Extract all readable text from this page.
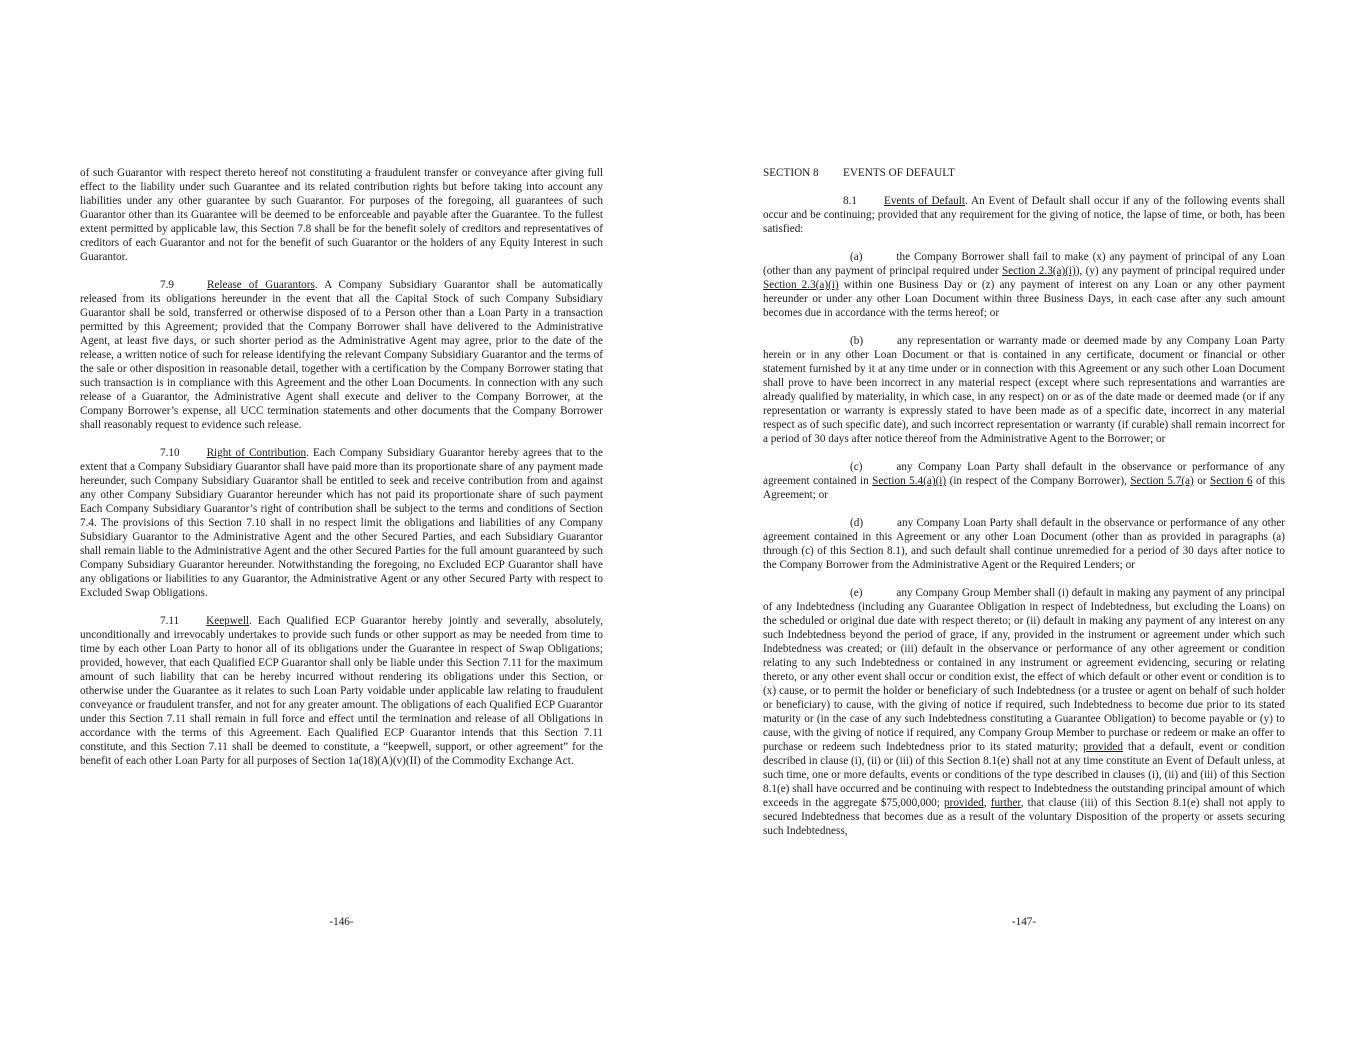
of such Guarantor with respect thereto hereof not constituting a fraudulent transfer or conveyance after giving full effect to the liability under such Guarantee and its related contribution rights but before taking into account any liabilities under any other guarantee by such Guarantor. For purposes of the foregoing, all guarantees of such Guarantor other than its Guarantee will be deemed to be enforceable and payable after the Guarantee. To the fullest extent permitted by applicable law, this Section 7.8 shall be for the benefit solely of creditors and representatives of creditors of each Guarantor and not for the benefit of such Guarantor or the holders of any Equity Interest in such Guarantor.

7.9	Release of Guarantors. A Company Subsidiary Guarantor shall be automatically released from its obligations hereunder in the event that all the Capital Stock of such Company Subsidiary Guarantor shall be sold, transferred or otherwise disposed of to a Person other than a Loan Party in a transaction permitted by this Agreement; provided that the Company Borrower shall have delivered to the Administrative Agent, at least five days, or such shorter period as the Administrative Agent may agree, prior to the date of the release, a written notice of such for release identifying the relevant Company Subsidiary Guarantor and the terms of the sale or other disposition in reasonable detail, together with a certification by the Company Borrower stating that such transaction is in compliance with this Agreement and the other Loan Documents. In connection with any such release of a Guarantor, the Administrative Agent shall execute and deliver to the Company Borrower, at the Company Borrower’s expense, all UCC termination statements and other documents that the Company Borrower shall reasonably request to evidence such release.

7.10 Right of Contribution. Each Company Subsidiary Guarantor hereby agrees that to the extent that a Company Subsidiary Guarantor shall have paid more than its proportionate share of any payment made hereunder, such Company Subsidiary Guarantor shall be entitled to seek and receive contribution from and against any other Company Subsidiary Guarantor hereunder which has not paid its proportionate share of such payment Each Company Subsidiary Guarantor’s right of contribution shall be subject to the terms and conditions of Section 7.4. The provisions of this Section 7.10 shall in no respect limit the obligations and liabilities of any Company Subsidiary Guarantor to the Administrative Agent and the other Secured Parties, and each Subsidiary Guarantor shall remain liable to the Administrative Agent and the other Secured Parties for the full amount guaranteed by such Company Subsidiary Guarantor hereunder. Notwithstanding the foregoing, no Excluded ECP Guarantor shall have any obligations or liabilities to any Guarantor, the Administrative Agent or any other Secured Party with respect to Excluded Swap Obligations.

7.11 Keepwell. Each Qualified ECP Guarantor hereby jointly and severally, absolutely, unconditionally and irrevocably undertakes to provide such funds or other support as may be needed from time to time by each other Loan Party to honor all of its obligations under the Guarantee in respect of Swap Obligations; provided, however, that each Qualified ECP Guarantor shall only be liable under this Section 7.11 for the maximum amount of such liability that can be hereby incurred without rendering its obligations under this Section, or otherwise under the Guarantee as it relates to such Loan Party voidable under applicable law relating to fraudulent conveyance or fraudulent transfer, and not for any greater amount. The obligations of each Qualified ECP Guarantor under this Section 7.11 shall remain in full force and effect until the termination and release of all Obligations in accordance with the terms of this Agreement. Each Qualified ECP Guarantor intends that this Section 7.11 constitute, and this Section 7.11 shall be deemed to constitute, a “keepwell, support, or other agreement” for the benefit of each other Loan Party for all purposes of Section 1a(18)(A)(v)(II) of the Commodity Exchange Act.

-146-

SECTION 8 EVENTS OF DEFAULT

8.1 Events of Default. An Event of Default shall occur if any of the following events shall occur and be continuing; provided that any requirement for the giving of notice, the lapse of time, or both, has been satisfied:

(a)	the Company Borrower shall fail to make (x) any payment of principal of any Loan (other than any payment of principal required under Section 2.3(a)(i)), (y) any payment of principal required under Section 2.3(a)(i) within one Business Day or (z) any payment of interest on any Loan or any other payment hereunder or under any other Loan Document within three Business Days, in each case after any such amount becomes due in accordance with the terms hereof; or

(b)	any representation or warranty made or deemed made by any Company Loan Party herein or in any other Loan Document or that is contained in any certificate, document or financial or other statement furnished by it at any time under or in connection with this Agreement or any such other Loan Document shall prove to have been incorrect in any material respect (except where such representations and warranties are already qualified by materiality, in which case, in any respect) on or as of the date made or deemed made (or if any representation or warranty is expressly stated to have been made as of a specific date, incorrect in any material respect as of such specific date), and such incorrect representation or warranty (if curable) shall remain incorrect for a period of 30 days after notice thereof from the Administrative Agent to the Borrower; or

(c)	any Company Loan Party shall default in the observance or performance of any agreement contained in Section 5.4(a)(i) (in respect of the Company Borrower), Section 5.7(a) or Section 6 of this Agreement; or

(d)	any Company Loan Party shall default in the observance or performance of any other agreement contained in this Agreement or any other Loan Document (other than as provided in paragraphs (a) through (c) of this Section 8.1), and such default shall continue unremedied for a period of 30 days after notice to the Company Borrower from the Administrative Agent or the Required Lenders; or

(e)	any Company Group Member shall (i) default in making any payment of any principal of any Indebtedness (including any Guarantee Obligation in respect of Indebtedness, but excluding the Loans) on the scheduled or original due date with respect thereto; or (ii) default in making any payment of any interest on any such Indebtedness beyond the period of grace, if any, provided in the instrument or agreement under which such Indebtedness was created; or (iii) default in the observance or performance of any other agreement or condition relating to any such Indebtedness or contained in any instrument or agreement evidencing, securing or relating thereto, or any other event shall occur or condition exist, the effect of which default or other event or condition is to (x) cause, or to permit the holder or beneficiary of such Indebtedness (or a trustee or agent on behalf of such holder or beneficiary) to cause, with the giving of notice if required, such Indebtedness to become due prior to its stated maturity or (in the case of any such Indebtedness constituting a Guarantee Obligation) to become payable or (y) to cause, with the giving of notice if required, any Company Group Member to purchase or redeem or make an offer to purchase or redeem such Indebtedness prior to its stated maturity; provided that a default, event or condition described in clause (i), (ii) or (iii) of this Section 8.1(e) shall not at any time constitute an Event of Default unless, at such time, one or more defaults, events or conditions of the type described in clauses (i), (ii) and (iii) of this Section 8.1(e) shall have occurred and be continuing with respect to Indebtedness the outstanding principal amount of which exceeds in the aggregate $75,000,000; provided, further, that clause (iii) of this Section 8.1(e) shall not apply to secured Indebtedness that becomes due as a result of the voluntary Disposition of the property or assets securing such Indebtedness,

-147-
